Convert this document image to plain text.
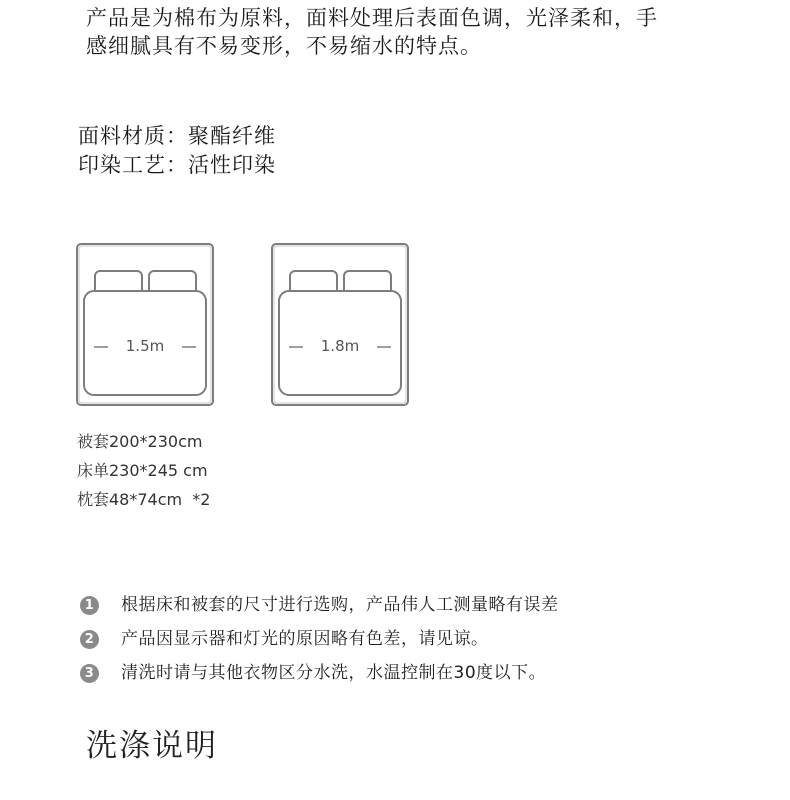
产品是为棉布为原料，面料处理后表面色调，光泽柔和，手

感细腻具有不易变形，不易缩水的特点。

面料材质：聚酯纤维

印染工艺：活性印染

1.5m	1.8m

被套200*230cm

床单230*245 cm

枕套48*74cm  *2

1 根据床和被套的尺寸进行选购，产品伟人工测量略有误差
2 产品因显示器和灯光的原因略有色差，请见谅。
3 清洗时请与其他衣物区分水洗，水温控制在30度以下。
洗涤说明
